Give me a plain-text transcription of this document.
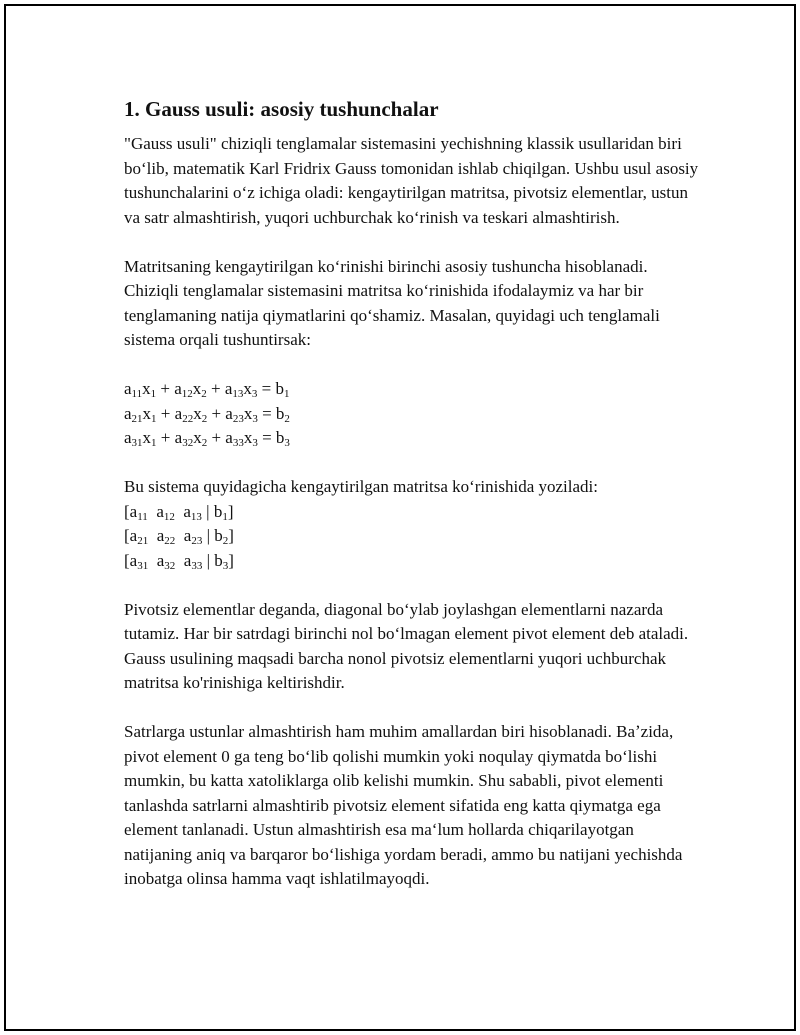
1. Gauss usuli: asosiy tushunchalar

"Gauss usuli" chiziqli tenglamalar sistemasini yechishning klassik usullaridan biri boʻlib, matematik Karl Fridrix Gauss tomonidan ishlab chiqilgan. Ushbu usul asosiy tushunchalarini oʻz ichiga oladi: kengaytirilgan matritsa, pivotsiz elementlar, ustun va satr almashtirish, yuqori uchburchak koʻrinish va teskari almashtirish.

Matritsaning kengaytirilgan koʻrinishi birinchi asosiy tushuncha hisoblanadi. Chiziqli tenglamalar sistemasini matritsa koʻrinishida ifodalaymiz va har bir tenglamaning natija qiymatlarini qoʻshamiz. Masalan, quyidagi uch tenglamali sistema orqali tushuntirsak:

$a_{11}x_1 + a_{12}x_2 + a_{13}x_3 = b_1$
$a_{21}x_1 + a_{22}x_2 + a_{23}x_3 = b_2$
$a_{31}x_1 + a_{32}x_2 + a_{33}x_3 = b_3$
Bu sistema quyidagicha kengaytirilgan matritsa koʻrinishida yoziladi:
[$a_{11}$ $a_{12}$ $a_{13}$ | $b_1$]
[$a_{21}$ $a_{22}$ $a_{23}$ | $b_2$]
[$a_{31}$ $a_{32}$ $a_{33}$ | $b_3$]

Pivotsiz elementlar deganda, diagonal boʻylab joylashgan elementlarni nazarda tutamiz. Har bir satrdagi birinchi nol boʻlmagan element pivot element deb ataladi. Gauss usulining maqsadi barcha nonol pivotsiz elementlarni yuqori uchburchak matritsa ko'rinishiga keltirishdir.

Satrlarga ustunlar almashtirish ham muhim amallardan biri hisoblanadi. Baʼzida, pivot element 0 ga teng boʻlib qolishi mumkin yoki noqulay qiymatda boʻlishi mumkin, bu katta xatoliklarga olib kelishi mumkin. Shu sababli, pivot elementi tanlashda satrlarni almashtirib pivotsiz element sifatida eng katta qiymatga ega element tanlanadi. Ustun almashtirish esa maʻlum hollarda chiqarilayotgan natijaning aniq va barqaror boʻlishiga yordam beradi, ammo bu natijani yechishda inobatga olinsa hamma vaqt ishlatilmayoqdi.
